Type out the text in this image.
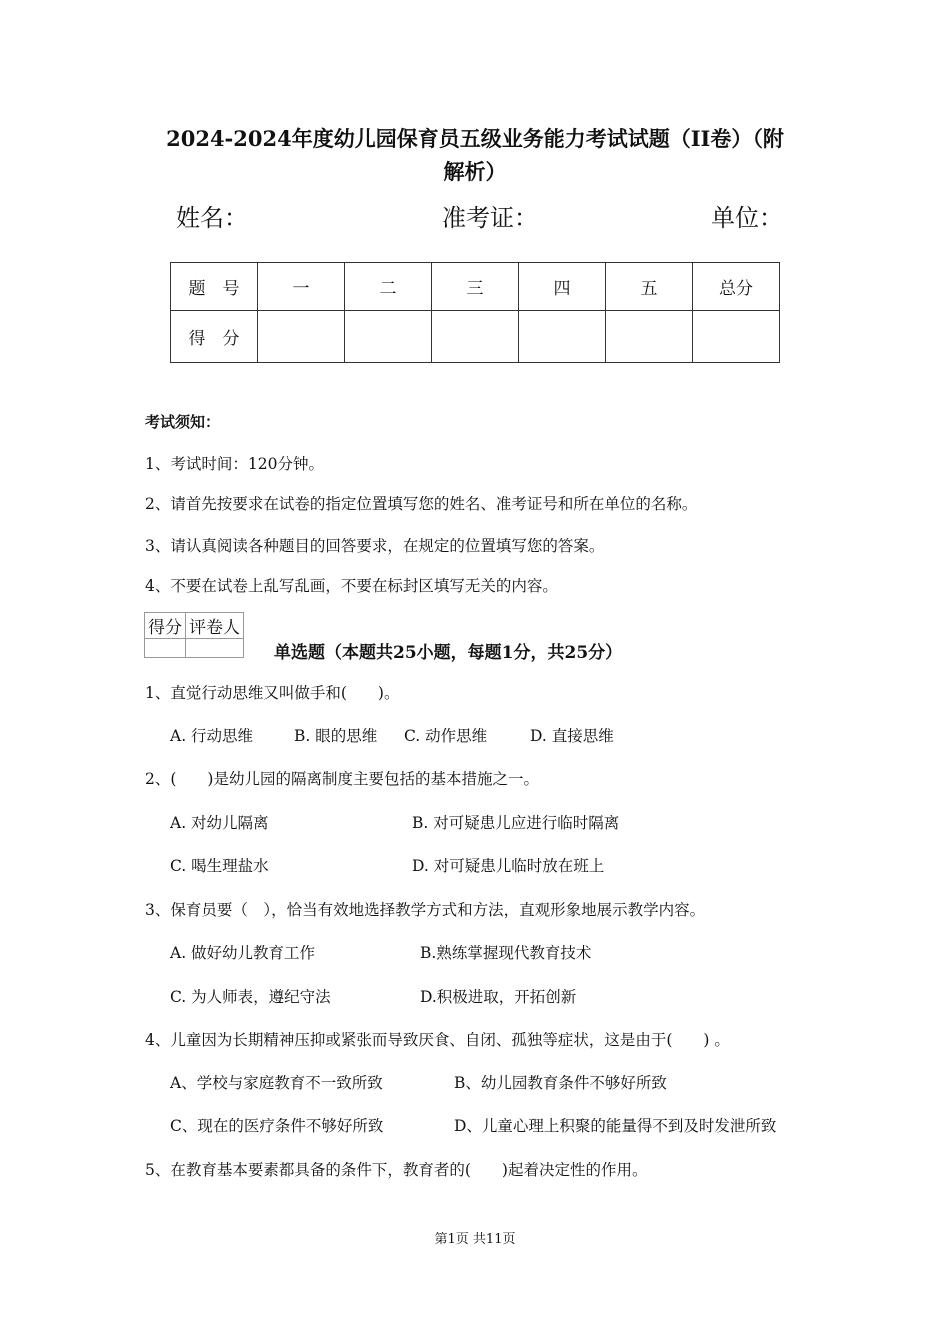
2024-2024年度幼儿园保育员五级业务能力考试试题（II卷）（附
解析）
姓名：	准考证：	单位：
题　号	一	二	三	四	五	总分
得　分						
考试须知：
1、考试时间：120分钟。
2、请首先按要求在试卷的指定位置填写您的姓名、准考证号和所在单位的名称。
3、请认真阅读各种题目的回答要求，在规定的位置填写您的答案。
4、不要在试卷上乱写乱画，不要在标封区填写无关的内容。
得分	评卷人

单选题（本题共25小题，每题1分，共25分）
1、直觉行动思维又叫做手和(　　)。
A. 行动思维	B. 眼的思维 C. 动作思维	D. 直接思维
2、(　　)是幼儿园的隔离制度主要包括的基本措施之一。
A. 对幼儿隔离	B. 对可疑患儿应进行临时隔离
C. 喝生理盐水	D. 对可疑患儿临时放在班上
3、保育员要（　），恰当有效地选择教学方式和方法，直观形象地展示教学内容。
A. 做好幼儿教育工作	B.熟练掌握现代教育技术
C. 为人师表，遵纪守法	D.积极进取，开拓创新
4、儿童因为长期精神压抑或紧张而导致厌食、自闭、孤独等症状，这是由于(　　) 。
A、学校与家庭教育不一致所致	B、幼儿园教育条件不够好所致
C、现在的医疗条件不够好所致	D、儿童心理上积聚的能量得不到及时发泄所致
5、在教育基本要素都具备的条件下，教育者的(　　)起着决定性的作用。
第1页 共11页
